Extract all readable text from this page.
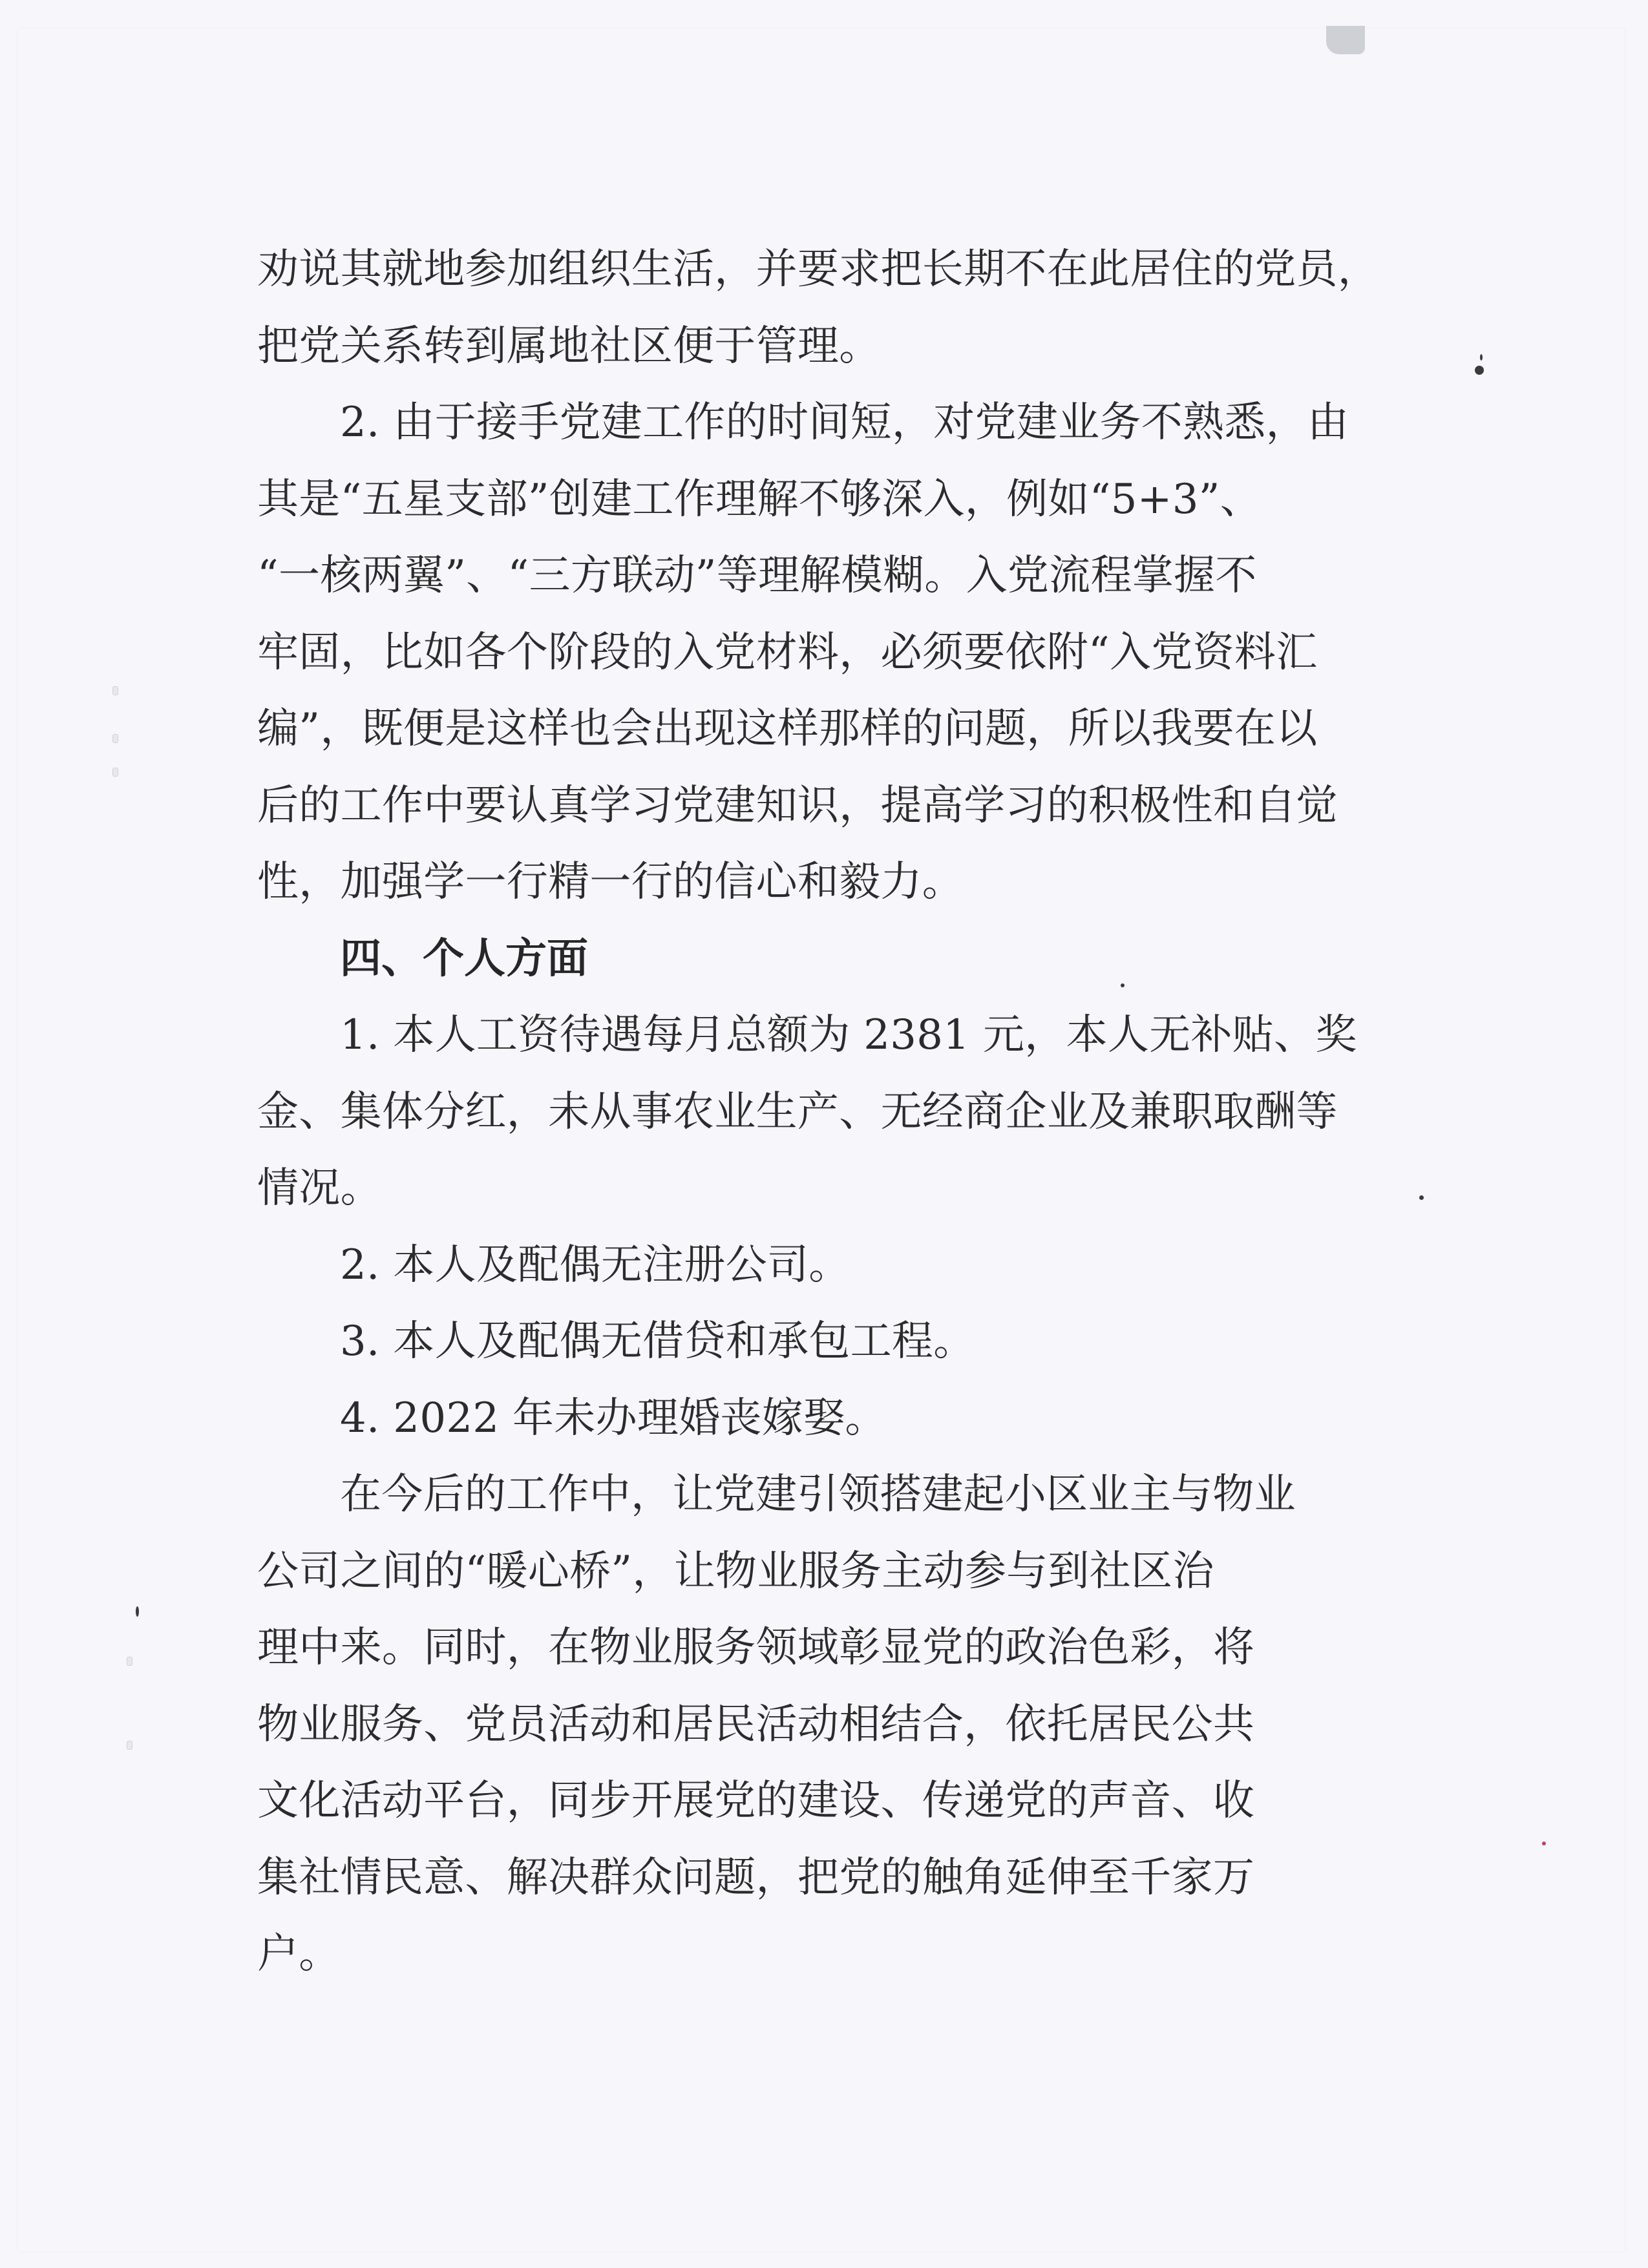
劝说其就地参加组织生活，并要求把长期不在此居住的党员，
把党关系转到属地社区便于管理。

2. 由于接手党建工作的时间短，对党建业务不熟悉，由
其是“五星支部”创建工作理解不够深入，例如“5+3”、
“一核两翼”、“三方联动”等理解模糊。入党流程掌握不
牢固，比如各个阶段的入党材料，必须要依附“入党资料汇
编”，既便是这样也会出现这样那样的问题，所以我要在以
后的工作中要认真学习党建知识，提高学习的积极性和自觉
性，加强学一行精一行的信心和毅力。

四、个人方面

1. 本人工资待遇每月总额为 2381 元，本人无补贴、奖
金、集体分红，未从事农业生产、无经商企业及兼职取酬等
情况。

2. 本人及配偶无注册公司。

3. 本人及配偶无借贷和承包工程。

4. 2022 年未办理婚丧嫁娶。

在今后的工作中，让党建引领搭建起小区业主与物业
公司之间的“暖心桥”，让物业服务主动参与到社区治
理中来。同时，在物业服务领域彰显党的政治色彩，将
物业服务、党员活动和居民活动相结合，依托居民公共
文化活动平台，同步开展党的建设、传递党的声音、收
集社情民意、解决群众问题，把党的触角延伸至千家万
户。
